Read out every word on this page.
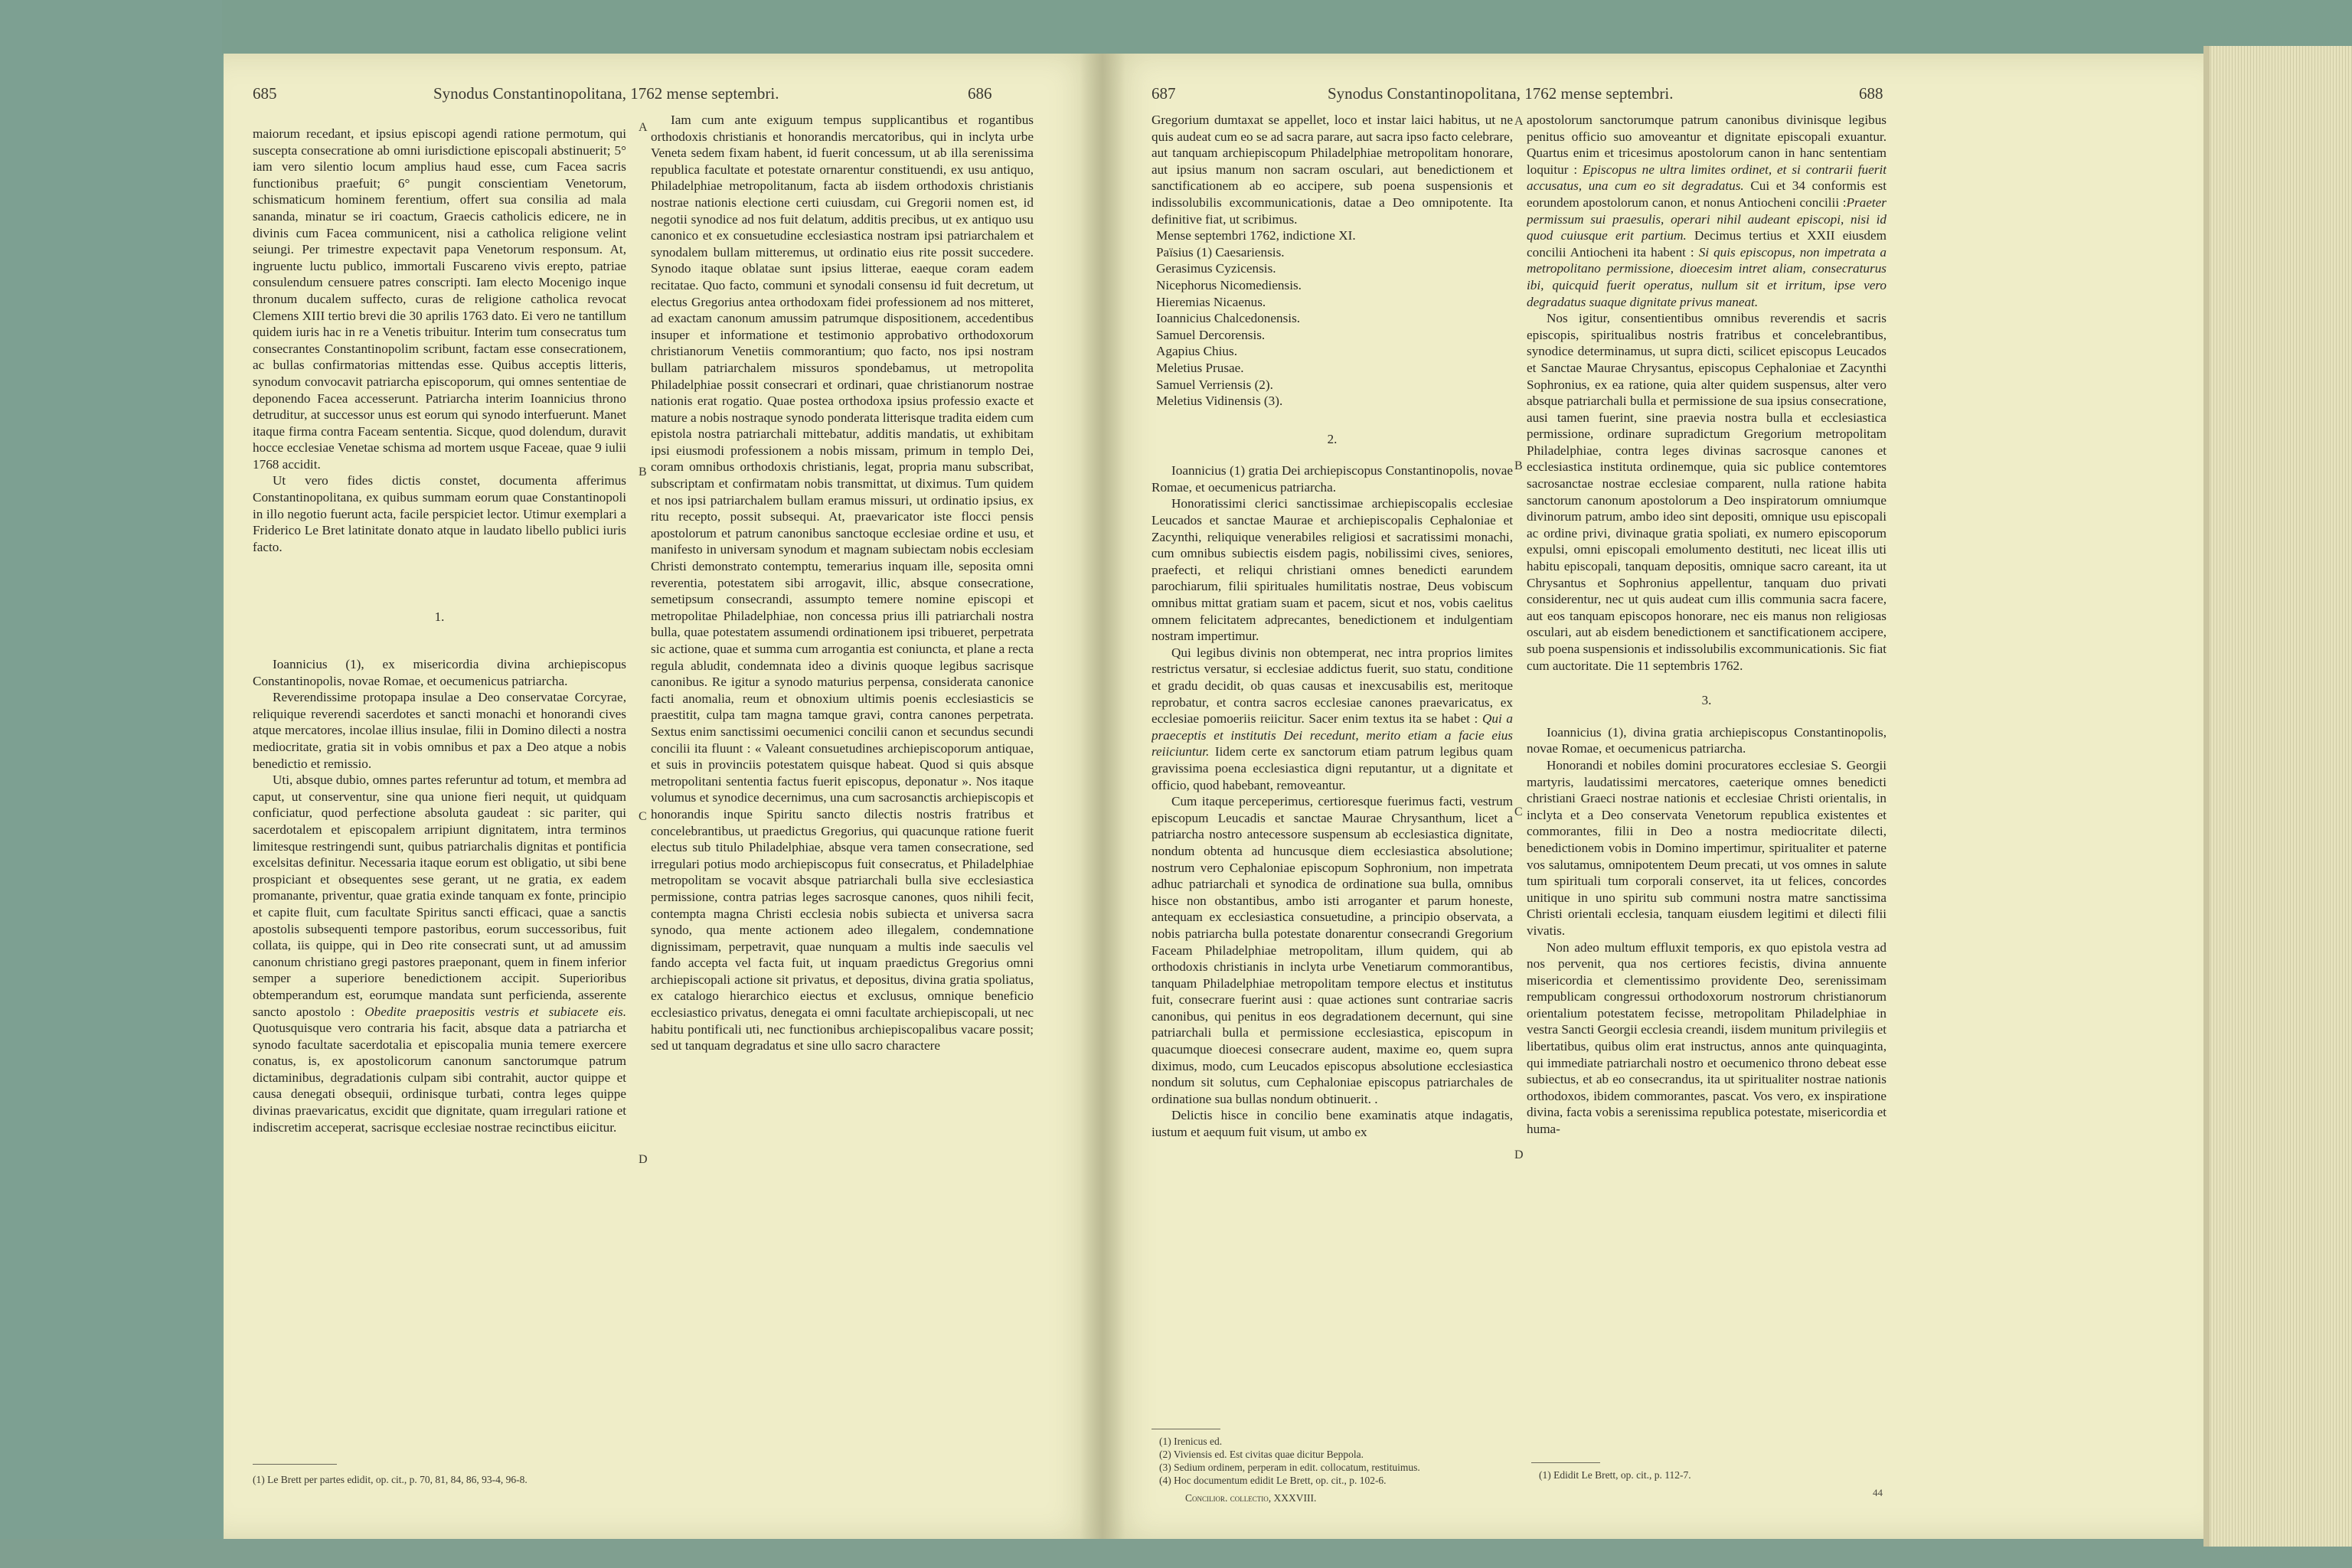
685	Synodus Constantinopolitana, 1762 mense septembri.	686

maiorum recedant, et ipsius episcopi agendi ratione permotum, qui suscepta consecratione ab omni iurisdictione episcopali abstinuerit; 5° iam vero silentio locum amplius haud esse, cum Facea sacris functionibus praefuit; 6° pungit conscientiam Venetorum, schismaticum hominem ferentium, offert sua consilia ad mala sananda, minatur se iri coactum, Graecis catholicis edicere, ne in divinis cum Facea communicent, nisi a catholica religione velint seiungi. Per trimestre expectavit papa Venetorum responsum. At, ingruente luctu publico, immortali Fuscareno vivis erepto, patriae consulendum censuere patres conscripti. Iam electo Mocenigo inque thronum ducalem suffecto, curas de religione catholica revocat Clemens XIII tertio brevi die 30 aprilis 1763 dato. Ei vero ne tantillum quidem iuris hac in re a Venetis tribuitur. Interim tum consecratus tum consecrantes Constantinopolim scribunt, factam esse consecrationem, ac bullas confirmatorias mittendas esse. Quibus acceptis litteris, synodum convocavit patriarcha episcoporum, qui omnes sententiae de deponendo Facea accesserunt. Patriarcha interim Ioannicius throno detruditur, at successor unus est eorum qui synodo interfuerunt. Manet itaque firma contra Faceam sententia. Sicque, quod dolendum, duravit hocce ecclesiae Venetae schisma ad mortem usque Faceae, quae 9 iulii 1768 accidit.

Ut vero fides dictis constet, documenta afferimus Constantinopolitana, ex quibus summam eorum quae Constantinopoli in illo negotio fuerunt acta, facile perspiciet lector. Utimur exemplari a Friderico Le Bret latinitate donato atque in laudato libello publici iuris facto.

1.

Ioannicius (1), ex misericordia divina archiepiscopus Constantinopolis, novae Romae, et oecumenicus patriarcha.

Reverendissime protopapa insulae a Deo conservatae Corcyrae, reliquique reverendi sacerdotes et sancti monachi et honorandi cives atque mercatores, incolae illius insulae, filii in Domino dilecti a nostra mediocritate, gratia sit in vobis omnibus et pax a Deo atque a nobis benedictio et remissio.

Uti, absque dubio, omnes partes referuntur ad totum, et membra ad caput, ut conserventur, sine qua unione fieri nequit, ut quidquam conficiatur, quod perfectione absoluta gaudeat : sic pariter, qui sacerdotalem et episcopalem arripiunt dignitatem, intra terminos limitesque restringendi sunt, quibus patriarchalis dignitas et pontificia excelsitas definitur. Necessaria itaque eorum est obligatio, ut sibi bene prospiciant et obsequentes sese gerant, ut ne gratia, ex eadem promanante, priventur, quae gratia exinde tanquam ex fonte, principio et capite fluit, cum facultate Spiritus sancti efficaci, quae a sanctis apostolis subsequenti tempore pastoribus, eorum successoribus, fuit collata, iis quippe, qui in Deo rite consecrati sunt, ut ad amussim canonum christiano gregi pastores praeponant, quem in finem inferior semper a superiore benedictionem accipit. Superioribus obtemperandum est, eorumque mandata sunt perficienda, asserente sancto apostolo : Obedite praepositis vestris et subiacete eis. Quotusquisque vero contraria his facit, absque data a patriarcha et synodo facultate sacerdotalia et episcopalia munia temere exercere conatus, is, ex apostolicorum canonum sanctorumque patrum dictaminibus, degradationis culpam sibi contrahit, auctor quippe et causa denegati obsequii, ordinisque turbati, contra leges quippe divinas praevaricatus, excidit que dignitate, quam irregulari ratione et indiscretim acceperat, sacrisque ecclesiae nostrae recinctibus eiicitur.

(1) Le Brett per partes edidit, op. cit., p. 70, 81, 84, 86, 93-4, 96-8.
A
B
C
D

Iam cum ante exiguum tempus supplicantibus et rogantibus orthodoxis christianis et honorandis mercatoribus, qui in inclyta urbe Veneta sedem fixam habent, id fuerit concessum, ut ab illa serenissima republica facultate et potestate ornarentur constituendi, ex usu antiquo, Philadelphiae metropolitanum, facta ab iisdem orthodoxis christianis nostrae nationis electione certi cuiusdam, cui Gregorii nomen est, id negotii synodice ad nos fuit delatum, additis precibus, ut ex antiquo usu canonico et ex consuetudine ecclesiastica nostram ipsi patriarchalem et synodalem bullam mitteremus, ut ordinatio eius rite possit succedere. Synodo itaque oblatae sunt ipsius litterae, eaeque coram eadem recitatae. Quo facto, communi et synodali consensu id fuit decretum, ut electus Gregorius antea orthodoxam fidei professionem ad nos mitteret, ad exactam canonum amussim patrumque dispositionem, accedentibus insuper et informatione et testimonio approbativo orthodoxorum christianorum Venetiis commorantium; quo facto, nos ipsi nostram bullam patriarchalem missuros spondebamus, ut metropolita Philadelphiae possit consecrari et ordinari, quae christianorum nostrae nationis erat rogatio. Quae postea orthodoxa ipsius professio exacte et mature a nobis nostraque synodo ponderata litterisque tradita eidem cum epistola nostra patriarchali mittebatur, additis mandatis, ut exhibitam ipsi eiusmodi professionem a nobis missam, primum in templo Dei, coram omnibus orthodoxis christianis, legat, propria manu subscribat, subscriptam et confirmatam nobis transmittat, ut diximus. Tum quidem et nos ipsi patriarchalem bullam eramus missuri, ut ordinatio ipsius, ex ritu recepto, possit subsequi. At, praevaricator iste flocci pensis apostolorum et patrum canonibus sanctoque ecclesiae ordine et usu, et manifesto in universam synodum et magnam subiectam nobis ecclesiam Christi demonstrato contemptu, temerarius inquam ille, seposita omni reverentia, potestatem sibi arrogavit, illic, absque consecratione, semetipsum consecrandi, assumpto temere nomine episcopi et metropolitae Philadelphiae, non concessa prius illi patriarchali nostra bulla, quae potestatem assumendi ordinationem ipsi tribueret, perpetrata sic actione, quae et summa cum arrogantia est coniuncta, et plane a recta regula abludit, condemnata ideo a divinis quoque legibus sacrisque canonibus. Re igitur a synodo maturius perpensa, considerata canonice facti anomalia, reum et obnoxium ultimis poenis ecclesiasticis se praestitit, culpa tam magna tamque gravi, contra canones perpetrata. Sextus enim sanctissimi oecumenici concilii canon et secundus secundi concilii ita fluunt : « Valeant consuetudines archiepiscoporum antiquae, et suis in provinciis potestatem quisque habeat. Quod si quis absque metropolitani sententia factus fuerit episcopus, deponatur ». Nos itaque volumus et synodice decernimus, una cum sacrosanctis archiepiscopis et honorandis inque Spiritu sancto dilectis nostris fratribus et concelebrantibus, ut praedictus Gregorius, qui quacunque ratione fuerit electus sub titulo Philadelphiae, absque vera tamen consecratione, sed irregulari potius modo archiepiscopus fuit consecratus, et Philadelphiae metropolitam se vocavit absque patriarchali bulla sive ecclesiastica permissione, contra patrias leges sacrosque canones, quos nihili fecit, contempta magna Christi ecclesia nobis subiecta et universa sacra synodo, qua mente actionem adeo illegalem, condemnatione dignissimam, perpetravit, quae nunquam a multis inde saeculis vel fando accepta vel facta fuit, ut inquam praedictus Gregorius omni archiepiscopali actione sit privatus, et depositus, divina gratia spoliatus, ex catalogo hierarchico eiectus et exclusus, omnique beneficio ecclesiastico privatus, denegata ei omni facultate archiepiscopali, ut nec habitu pontificali uti, nec functionibus archiepiscopalibus vacare possit; sed ut tanquam degradatus et sine ullo sacro charactere

687	Synodus Constantinopolitana, 1762 mense septembri.	688

Gregorium dumtaxat se appellet, loco et instar laici habitus, ut ne quis audeat cum eo se ad sacra parare, aut sacra ipso facto celebrare, aut tanquam archiepiscopum Philadelphiae metropolitam honorare, aut ipsius manum non sacram osculari, aut benedictionem et sanctificationem ab eo accipere, sub poena suspensionis et indissolubilis excommunicationis, datae a Deo omnipotente. Ita definitive fiat, ut scribimus.

Mense septembri 1762, indictione XI.
Païsius (1) Caesariensis.
Gerasimus Cyzicensis.
Nicephorus Nicomediensis.
Hieremias Nicaenus.
Ioannicius Chalcedonensis.
Samuel Dercorensis.
Agapius Chius.
Meletius Prusae.
Samuel Verriensis (2).
Meletius Vidinensis (3).
2.

Ioannicius (1) gratia Dei archiepiscopus Constantinopolis, novae Romae, et oecumenicus patriarcha.

Honoratissimi clerici sanctissimae archiepiscopalis ecclesiae Leucados et sanctae Maurae et archiepiscopalis Cephaloniae et Zacynthi, reliquique venerabiles religiosi et sacratissimi monachi, cum omnibus subiectis eisdem pagis, nobilissimi cives, seniores, praefecti, et reliqui christiani omnes benedicti earundem parochiarum, filii spirituales humilitatis nostrae, Deus vobiscum omnibus mittat gratiam suam et pacem, sicut et nos, vobis caelitus omnem felicitatem adprecantes, benedictionem et indulgentiam nostram impertimur.

Qui legibus divinis non obtemperat, nec intra proprios limites restrictus versatur, si ecclesiae addictus fuerit, suo statu, conditione et gradu decidit, ob quas causas et inexcusabilis est, meritoque reprobatur, et contra sacros ecclesiae canones praevaricatus, ex ecclesiae pomoeriis reiicitur. Sacer enim textus ita se habet : Qui a praeceptis et institutis Dei recedunt, merito etiam a facie eius reiiciuntur. Iidem certe ex sanctorum etiam patrum legibus quam gravissima poena ecclesiastica digni reputantur, ut a dignitate et officio, quod habebant, removeantur.

Cum itaque perceperimus, certioresque fuerimus facti, vestrum episcopum Leucadis et sanctae Maurae Chrysanthum, licet a patriarcha nostro antecessore suspensum ab ecclesiastica dignitate, nondum obtenta ad huncusque diem ecclesiastica absolutione; nostrum vero Cephaloniae episcopum Sophronium, non impetrata adhuc patriarchali et synodica de ordinatione sua bulla, omnibus hisce non obstantibus, ambo isti arroganter et parum honeste, antequam ex ecclesiastica consuetudine, a principio observata, a nobis patriarcha bulla potestate donarentur consecrandi Gregorium Faceam Philadelphiae metropolitam, illum quidem, qui ab orthodoxis christianis in inclyta urbe Venetiarum commorantibus, tanquam Philadelphiae metropolitam tempore electus et institutus fuit, consecrare fuerint ausi : quae actiones sunt contrariae sacris canonibus, qui penitus in eos degradationem decernunt, qui sine patriarchali bulla et permissione ecclesiastica, episcopum in quacumque dioecesi consecrare audent, maxime eo, quem supra diximus, modo, cum Leucados episcopus absolutione ecclesiastica nondum sit solutus, cum Cephaloniae episcopus patriarchales de ordinatione sua bullas nondum obtinuerit. .

Delictis hisce in concilio bene examinatis atque indagatis, iustum et aequum fuit visum, ut ambo ex

(1) Irenicus ed.
(2) Viviensis ed. Est civitas quae dicitur Beppola.
(3) Sedium ordinem, perperam in edit. collocatum, restituimus.
(4) Hoc documentum edidit Le Brett, op. cit., p. 102-6.
Concilior. collectio, XXXVIII.
A
B
C
D

apostolorum sanctorumque patrum canonibus divinisque legibus penitus officio suo amoveantur et dignitate episcopali exuantur. Quartus enim et tricesimus apostolorum canon in hanc sententiam loquitur : Episcopus ne ultra limites ordinet, et si contrarii fuerit accusatus, una cum eo sit degradatus. Cui et 34 conformis est eorundem apostolorum canon, et nonus Antiocheni concilii :Praeter permissum sui praesulis, operari nihil audeant episcopi, nisi id quod cuiusque erit partium. Decimus tertius et XXII eiusdem concilii Antiocheni ita habent : Si quis episcopus, non impetrata a metropolitano permissione, dioecesim intret aliam, consecraturus ibi, quicquid fuerit operatus, nullum sit et irritum, ipse vero degradatus suaque dignitate privus maneat.

Nos igitur, consentientibus omnibus reverendis et sacris episcopis, spiritualibus nostris fratribus et concelebrantibus, synodice determinamus, ut supra dicti, scilicet episcopus Leucados et Sanctae Maurae Chrysantus, episcopus Cephaloniae et Zacynthi Sophronius, ex ea ratione, quia alter quidem suspensus, alter vero absque patriarchali bulla et permissione de sua ipsius consecratione, ausi tamen fuerint, sine praevia nostra bulla et ecclesiastica permissione, ordinare supradictum Gregorium metropolitam Philadelphiae, contra leges divinas sacrosque canones et ecclesiastica instituta ordinemque, quia sic publice contemtores sacrosanctae nostrae ecclesiae comparent, nulla ratione habita sanctorum canonum apostolorum a Deo inspiratorum omniumque divinorum patrum, ambo ideo sint depositi, omnique usu episcopali ac ordine privi, divinaque gratia spoliati, ex numero episcoporum expulsi, omni episcopali emolumento destituti, nec liceat illis uti habitu episcopali, tanquam depositis, omnique sacro careant, ita ut Chrysantus et Sophronius appellentur, tanquam duo privati considerentur, nec ut quis audeat cum illis communia sacra facere, aut eos tanquam episcopos honorare, nec eis manus non religiosas osculari, aut ab eisdem benedictionem et sanctificationem accipere, sub poena suspensionis et indissolubilis excommunicationis. Sic fiat cum auctoritate. Die 11 septembris 1762.

3.

Ioannicius (1), divina gratia archiepiscopus Constantinopolis, novae Romae, et oecumenicus patriarcha.

Honorandi et nobiles domini procuratores ecclesiae S. Georgii martyris, laudatissimi mercatores, caeterique omnes benedicti christiani Graeci nostrae nationis et ecclesiae Christi orientalis, in inclyta et a Deo conservata Venetorum republica existentes et commorantes, filii in Deo a nostra mediocritate dilecti, benedictionem vobis in Domino impertimur, spiritualiter et paterne vos salutamus, omnipotentem Deum precati, ut vos omnes in salute tum spirituali tum corporali conservet, ita ut felices, concordes unitique in uno spiritu sub communi nostra matre sanctissima Christi orientali ecclesia, tanquam eiusdem legitimi et dilecti filii vivatis.

Non adeo multum effluxit temporis, ex quo epistola vestra ad nos pervenit, qua nos certiores fecistis, divina annuente misericordia et clementissimo providente Deo, serenissimam rempublicam congressui orthodoxorum nostrorum christianorum orientalium potestatem fecisse, metropolitam Philadelphiae in vestra Sancti Georgii ecclesia creandi, iisdem munitum privilegiis et libertatibus, quibus olim erat instructus, annos ante quinquaginta, qui immediate patriarchali nostro et oecumenico throno debeat esse subiectus, et ab eo consecrandus, ita ut spiritualiter nostrae nationis orthodoxos, ibidem commorantes, pascat. Vos vero, ex inspiratione divina, facta vobis a serenissima republica potestate, misericordia et huma-

(1) Edidit Le Brett, op. cit., p. 112-7.
44
